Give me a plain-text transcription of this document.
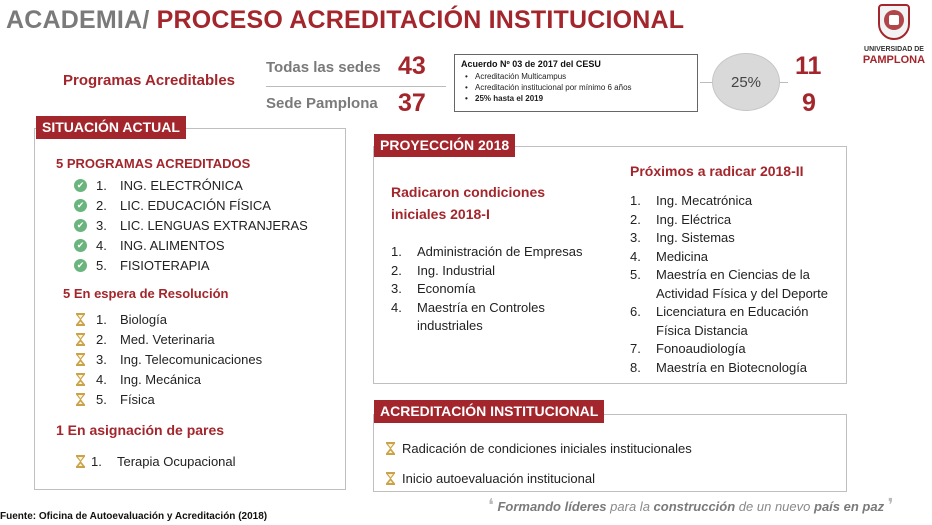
ACADEMIA/ PROCESO ACREDITACIÓN INSTITUCIONAL
UNIVERSIDAD DE
PAMPLONA
Programas Acreditables
Todas las sedes 43
Sede Pamplona 37
Acuerdo Nº 03 de 2017 del CESU
• Acreditación Multicampus
• Acreditación institucional por mínimo 6 años
• 25% hasta el 2019
25%
11
9
SITUACIÓN ACTUAL
5 PROGRAMAS ACREDITADOS
✔ 1.	ING. ELECTRÓNICA
✔ 2.	LIC. EDUCACIÓN FÍSICA
✔ 3.	LIC. LENGUAS EXTRANJERAS
✔ 4.	ING. ALIMENTOS
✔ 5.	FISIOTERAPIA
5 En espera de Resolución
1.	Biología
2.	Med. Veterinaria
3.	Ing. Telecomunicaciones
4.	Ing. Mecánica
5.	Física
1 En asignación de pares
1.	Terapia Ocupacional
PROYECCIÓN 2018
Radicaron condiciones
iniciales 2018-I
1.	Administración de Empresas
2.	Ing. Industrial
3.	Economía
4.	Maestría en Controles industriales
Próximos a radicar 2018-II
1.	Ing. Mecatrónica
2.	Ing. Eléctrica
3.	Ing. Sistemas
4.	Medicina
5.	Maestría en Ciencias de la Actividad Física y del Deporte
6.	Licenciatura en Educación Física Distancia
7.	Fonoaudiología
8.	Maestría en Biotecnología
ACREDITACIÓN INSTITUCIONAL
Radicación de condiciones iniciales institucionales
Inicio autoevaluación institucional
❛ Formando líderes para la construcción de un nuevo país en paz ❜
Fuente: Oficina de Autoevaluación y Acreditación (2018)
